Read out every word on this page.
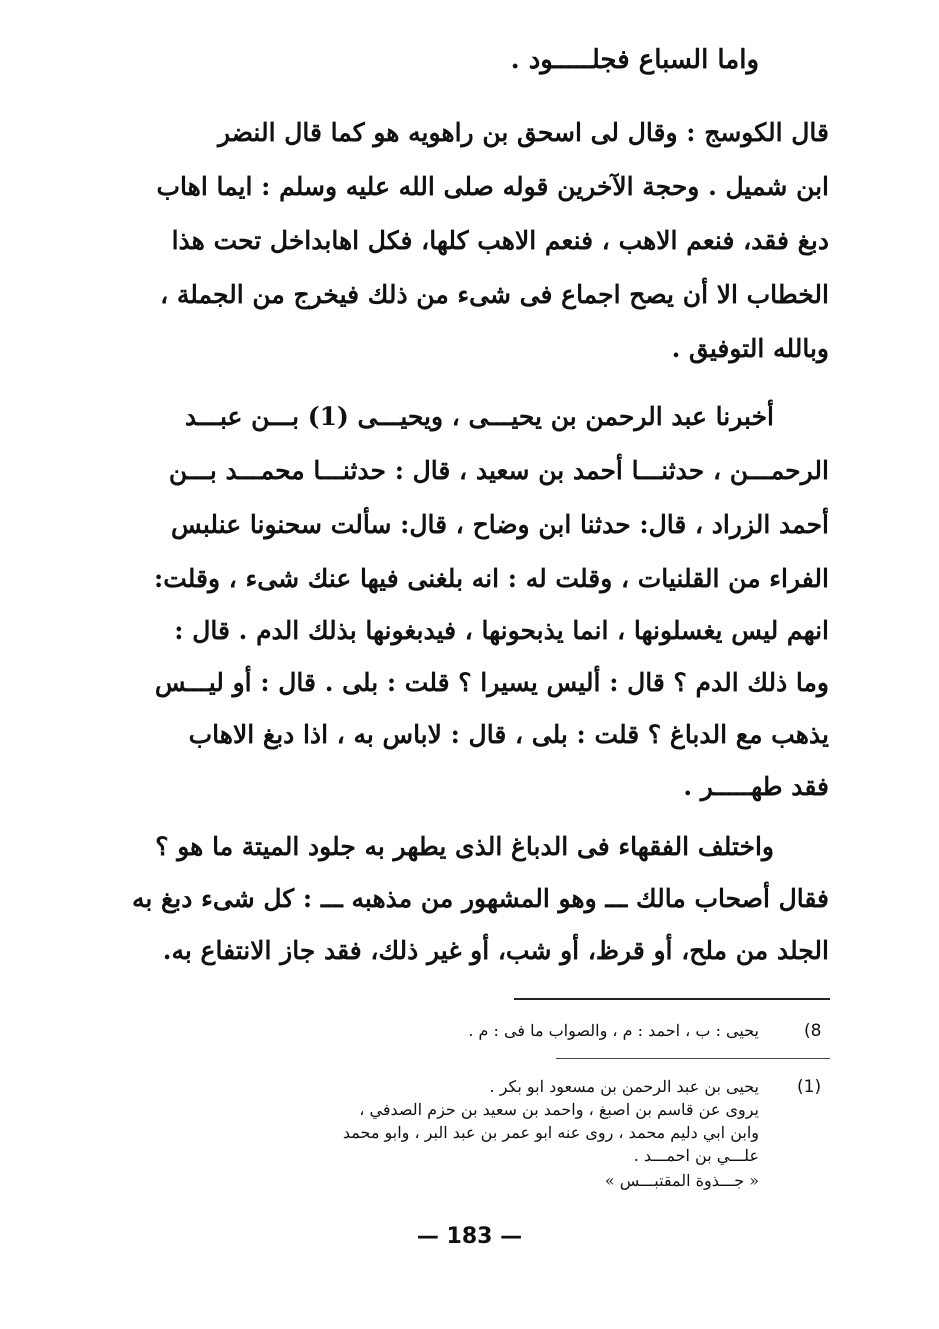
واما السباع فجلـــــود .
قال الكوسج : وقال لى اسحق بن راهويه هو كما قال النضر
ابن شميل . وحجة الآخرين قوله صلى الله عليه وسلم : ايما اهاب
دبغ فقد، فنعم الاهب ، فنعم الاهب كلها، فكل اهابداخل تحت هذا
الخطاب الا أن يصح اجماع فى شىء من ذلك فيخرج من الجملة ،
وبالله التوفيق .
أخبرنا عبد الرحمن بن يحيـــى ، ويحيـــى (1) بـــن عبـــد
الرحمـــن ، حدثنـــا أحمد بن سعيد ، قال : حدثنـــا محمـــد بـــن
أحمد الزراد ، قال: حدثنا ابن وضاح ، قال: سألت سحنونا عنلبس
الفراء من القلنيات ، وقلت له : انه بلغنى فيها عنك شىء ، وقلت:
انهم ليس يغسلونها ، انما يذبحونها ، فيدبغونها بذلك الدم . قال :
وما ذلك الدم ؟ قال : أليس يسيرا ؟ قلت : بلى . قال : أو ليـــس
يذهب مع الدباغ ؟ قلت : بلى ، قال : لاباس به ، اذا دبغ الاهاب
فقد طهـــــر .
واختلف الفقهاء فى الدباغ الذى يطهر به جلود الميتة ما هو ؟
فقال أصحاب مالك ـــ وهو المشهور من مذهبه ـــ : كل شىء دبغ به
الجلد من ملح، أو قرظ، أو شب، أو غير ذلك، فقد جاز الانتفاع به.
(8
يحيى : ب ، احمد : م ، والصواب ما فى : م .
(1)
يحيى بن عبد الرحمن بن مسعود ابو بكر .
يروى عن قاسم بن اصبغ ، واحمد بن سعيد بن حزم الصدفي ،
وابن ابي دليم محمد ، روى عنه ابو عمر بن عبد البر ، وابو محمد
علـــي بن احمـــد .
« جـــذوة المقتبـــس »
— 183 —
